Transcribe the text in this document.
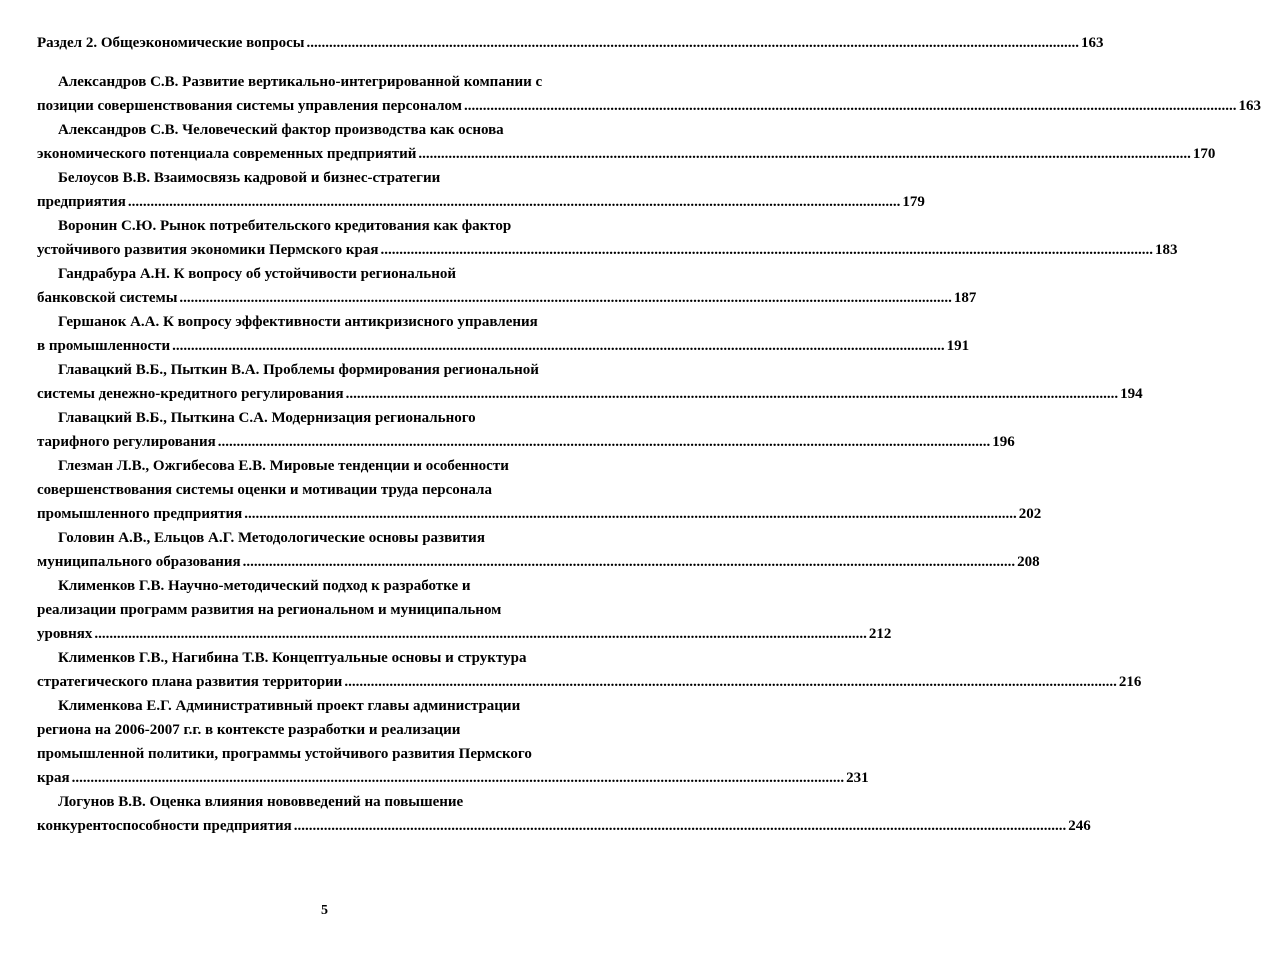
Раздел 2. Общеэкономические вопросы .....	163
Александров С.В. Развитие вертикально-интегрированной компании с
позиции совершенствования системы управления персоналом .....	163
Александров С.В. Человеческий фактор производства как основа
экономического потенциала современных предприятий .....	170
Белоусов В.В. Взаимосвязь кадровой и бизнес-стратегии
предприятия .....	179
Воронин С.Ю. Рынок потребительского кредитования как фактор
устойчивого развития экономики Пермского края .....	183
Гандрабура А.Н. К вопросу об устойчивости региональной
банковской системы .....	187
Гершанок А.А. К вопросу эффективности антикризисного управления
в промышленности .....	191
Главацкий В.Б., Пыткин В.А. Проблемы формирования региональной
системы денежно-кредитного регулирования .....	194
Главацкий В.Б., Пыткина С.А. Модернизация регионального
тарифного регулирования .....	196
Глезман Л.В., Ожгибесова Е.В. Мировые тенденции и особенности
совершенствования системы оценки и мотивации труда персонала
промышленного предприятия .....	202
Головин А.В., Ельцов А.Г. Методологические основы развития
муниципального образования .....	208
Клименков Г.В. Научно-методический подход к разработке и
реализации программ развития на региональном и муниципальном
уровнях .....	212
Клименков Г.В., Нагибина Т.В. Концептуальные основы и структура
стратегического плана развития территории .....	216
Клименкова Е.Г. Административный проект главы администрации
региона на 2006-2007 г.г. в контексте разработки и реализации
промышленной политики, программы устойчивого развития Пермского
края .....	231
Логунов В.В. Оценка влияния нововведений на повышение
конкурентоспособности предприятия .....	246
5
